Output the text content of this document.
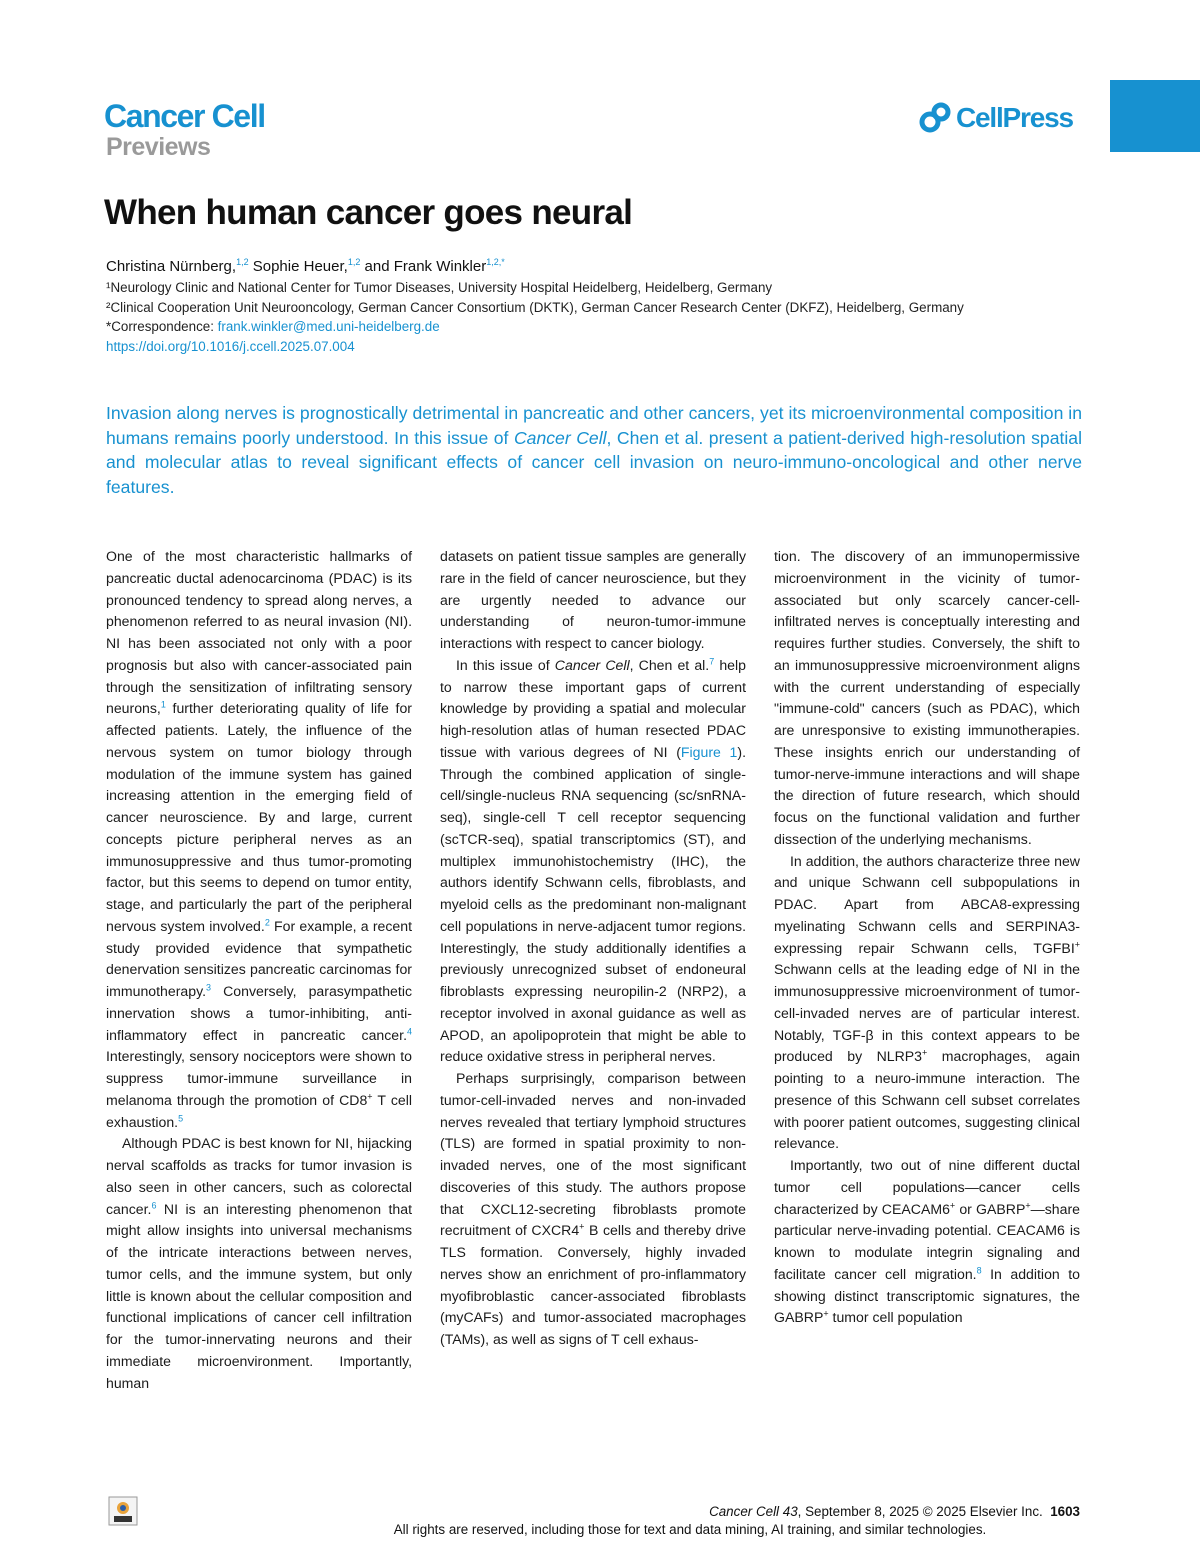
Cancer Cell
Previews
CellPress
When human cancer goes neural
Christina Nürnberg,$^{1,2}$ Sophie Heuer,$^{1,2}$ and Frank Winkler$^{1,2,*}$
¹Neurology Clinic and National Center for Tumor Diseases, University Hospital Heidelberg, Heidelberg, Germany
²Clinical Cooperation Unit Neurooncology, German Cancer Consortium (DKTK), German Cancer Research Center (DKFZ), Heidelberg, Germany
*Correspondence: frank.winkler@med.uni-heidelberg.de
https://doi.org/10.1016/j.ccell.2025.07.004
Invasion along nerves is prognostically detrimental in pancreatic and other cancers, yet its microenvironmental composition in humans remains poorly understood. In this issue of Cancer Cell, Chen et al. present a patient-derived high-resolution spatial and molecular atlas to reveal significant effects of cancer cell invasion on neuro-immuno-oncological and other nerve features.

One of the most characteristic hallmarks of pancreatic ductal adenocarcinoma (PDAC) is its pronounced tendency to spread along nerves, a phenomenon referred to as neural invasion (NI). NI has been associated not only with a poor prognosis but also with cancer-associated pain through the sensitization of infiltrating sensory neurons,$^1$ further deteriorating quality of life for affected patients. Lately, the influence of the nervous system on tumor biology through modulation of the immune system has gained increasing attention in the emerging field of cancer neuroscience. By and large, current concepts picture peripheral nerves as an immunosuppressive and thus tumor-promoting factor, but this seems to depend on tumor entity, stage, and particularly the part of the peripheral nervous system involved.$^2$ For example, a recent study provided evidence that sympathetic denervation sensitizes pancreatic carcinomas for immunotherapy.$^3$ Conversely, parasympathetic innervation shows a tumor-inhibiting, anti-inflammatory effect in pancreatic cancer.$^4$ Interestingly, sensory nociceptors were shown to suppress tumor-immune surveillance in melanoma through the promotion of CD8+ T cell exhaustion.$^5$

Although PDAC is best known for NI, hijacking nerval scaffolds as tracks for tumor invasion is also seen in other cancers, such as colorectal cancer.$^6$ NI is an interesting phenomenon that might allow insights into universal mechanisms of the intricate interactions between nerves, tumor cells, and the immune system, but only little is known about the cellular composition and functional implications of cancer cell infiltration for the tumor-innervating neurons and their immediate microenvironment. Importantly, human

datasets on patient tissue samples are generally rare in the field of cancer neuroscience, but they are urgently needed to advance our understanding of neuron-tumor-immune interactions with respect to cancer biology.

In this issue of Cancer Cell, Chen et al.$^7$ help to narrow these important gaps of current knowledge by providing a spatial and molecular high-resolution atlas of human resected PDAC tissue with various degrees of NI (Figure 1). Through the combined application of single-cell/single-nucleus RNA sequencing (sc/snRNA-seq), single-cell T cell receptor sequencing (scTCR-seq), spatial transcriptomics (ST), and multiplex immunohistochemistry (IHC), the authors identify Schwann cells, fibroblasts, and myeloid cells as the predominant non-malignant cell populations in nerve-adjacent tumor regions. Interestingly, the study additionally identifies a previously unrecognized subset of endoneural fibroblasts expressing neuropilin-2 (NRP2), a receptor involved in axonal guidance as well as APOD, an apolipoprotein that might be able to reduce oxidative stress in peripheral nerves.

Perhaps surprisingly, comparison between tumor-cell-invaded nerves and non-invaded nerves revealed that tertiary lymphoid structures (TLS) are formed in spatial proximity to non-invaded nerves, one of the most significant discoveries of this study. The authors propose that CXCL12-secreting fibroblasts promote recruitment of CXCR4+ B cells and thereby drive TLS formation. Conversely, highly invaded nerves show an enrichment of pro-inflammatory myofibroblastic cancer-associated fibroblasts (myCAFs) and tumor-associated macrophages (TAMs), as well as signs of T cell exhaus-

tion. The discovery of an immunopermissive microenvironment in the vicinity of tumor-associated but only scarcely cancer-cell-infiltrated nerves is conceptually interesting and requires further studies. Conversely, the shift to an immunosuppressive microenvironment aligns with the current understanding of especially "immune-cold" cancers (such as PDAC), which are unresponsive to existing immunotherapies. These insights enrich our understanding of tumor-nerve-immune interactions and will shape the direction of future research, which should focus on the functional validation and further dissection of the underlying mechanisms.

In addition, the authors characterize three new and unique Schwann cell subpopulations in PDAC. Apart from ABCA8-expressing myelinating Schwann cells and SERPINA3-expressing repair Schwann cells, TGFBI+ Schwann cells at the leading edge of NI in the immunosuppressive microenvironment of tumor-cell-invaded nerves are of particular interest. Notably, TGF-β in this context appears to be produced by NLRP3+ macrophages, again pointing to a neuro-immune interaction. The presence of this Schwann cell subset correlates with poorer patient outcomes, suggesting clinical relevance.

Importantly, two out of nine different ductal tumor cell populations—cancer cells characterized by CEACAM6+ or GABRP+—share particular nerve-invading potential. CEACAM6 is known to modulate integrin signaling and facilitate cancer cell migration.$^8$ In addition to showing distinct transcriptomic signatures, the GABRP+ tumor cell population

Cancer Cell 43, September 8, 2025 © 2025 Elsevier Inc. 1603
All rights are reserved, including those for text and data mining, AI training, and similar technologies.
